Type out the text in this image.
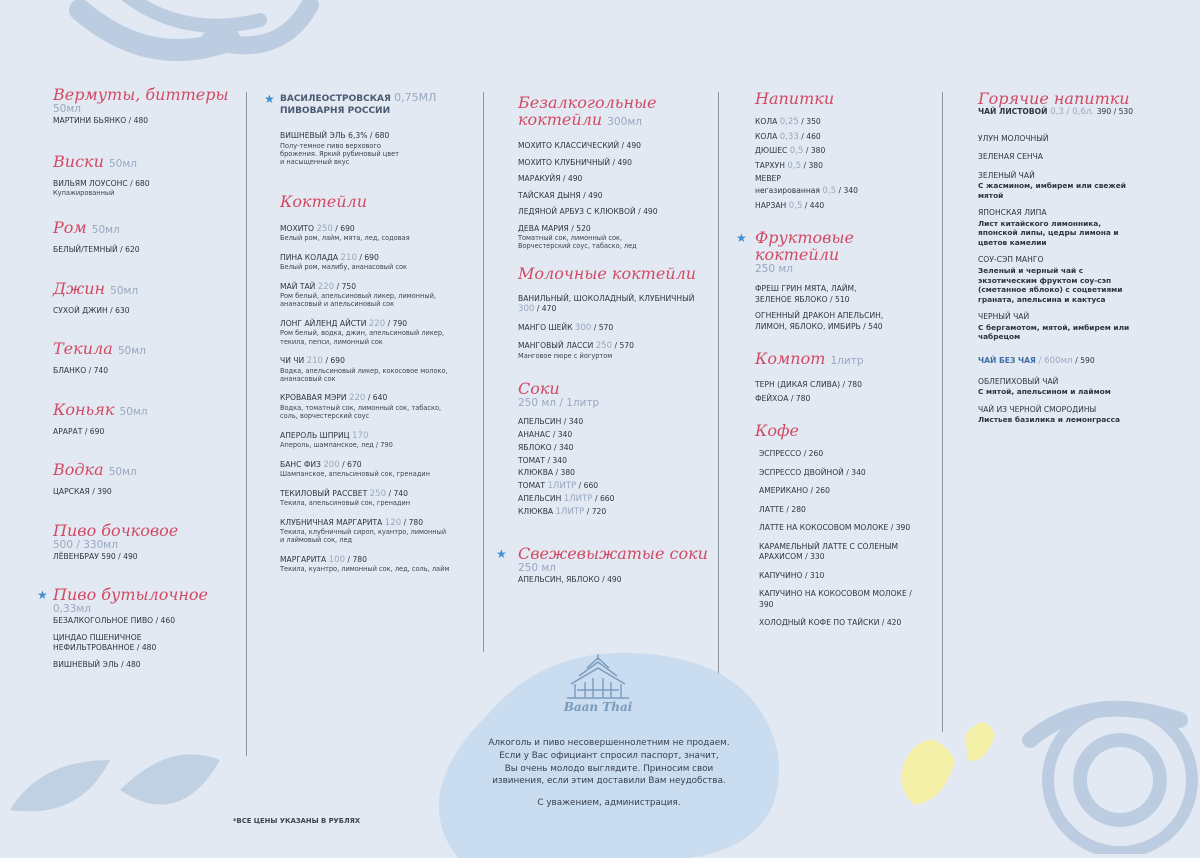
Вермуты, биттеры
50мл
МАРТИНИ БЬЯНКО / 480
Виски 50мл
ВИЛЬЯМ ЛОУСОНС / 680
Купажированный
Ром 50мл
БЕЛЫЙ/ТЕМНЫЙ / 620
Джин 50мл
СУХОЙ ДЖИН / 630
Текила 50мл
БЛАНКО / 740
Коньяк 50мл
АРАРАТ / 690
Водка 50мл
ЦАРСКАЯ / 390
Пиво бочковое
500 / 330мл
ЛЁВЕНБРАУ 590 / 490
★ Пиво бутылочное
0,33мл
БЕЗАЛКОГОЛЬНОЕ ПИВО / 460
ЦИНДАО ПШЕНИЧНОЕ НЕФИЛЬТРОВАННОЕ / 480
ВИШНЕВЫЙ ЭЛЬ / 480
★ ВАСИЛЕОСТРОВСКАЯ 0,75МЛ
ПИВОВАРНЯ РОССИИ
ВИШНЕВЫЙ ЭЛЬ 6,3% / 680
Полу-темное пиво верхового брожения. Яркий рубиновый цвет и насыщенный вкус
Коктейли
МОХИТО 250 / 690
Белый ром, лайм, мята, лед, содовая
ПИНА КОЛАДА 210 / 690
Белый ром, малибу, ананасовый сок
МАЙ ТАЙ 220 / 750
Ром белый, апельсиновый ликер, лимонный, ананасовый и апельсиновый сок
ЛОНГ АЙЛЕНД АЙСТИ 220 / 790
Ром белый, водка, джин, апельсиновый ликер, текила, пепси, лимонный сок
ЧИ ЧИ 210 / 690
Водка, апельсиновый ликер, кокосовое молоко, ананасовый сок
КРОВАВАЯ МЭРИ 220 / 640
Водка, томатный сок, лимонный сок, табаско, соль, ворчестерский соус
АПЕРОЛЬ ШПРИЦ 170
Апероль, шампанское, лед / 790
БАНС ФИЗ 200 / 670
Шампанское, апельсиновый сок, гренадин
ТЕКИЛОВЫЙ РАССВЕТ 250 / 740
Текила, апельсиновый сок, гренадин
КЛУБНИЧНАЯ МАРГАРИТА 120 / 780
Текила, клубничный сироп, куантро, лимонный и лаймовый сок, лед
МАРГАРИТА 100 / 780
Текила, куантро, лимонный сок, лед, соль, лайм
Безалкогольные коктейли 300мл
МОХИТО КЛАССИЧЕСКИЙ / 490
МОХИТО КЛУБНИЧНЫЙ / 490
МАРАКУЙЯ / 490
ТАЙСКАЯ ДЫНЯ / 490
ЛЕДЯНОЙ АРБУЗ С КЛЮКВОЙ / 490
ДЕВА МАРИЯ / 520
Томатный сок, лимонный сок, Ворчестерский соус, табаско, лед
Молочные коктейли
ВАНИЛЬНЫЙ, ШОКОЛАДНЫЙ, КЛУБНИЧНЫЙ 300 / 470
МАНГО ШЕЙК 300 / 570
МАНГОВЫЙ ЛАССИ 250 / 570
Манговое пюре с йогуртом
Соки
250 мл / 1литр
АПЕЛЬСИН / 340
АНАНАС / 340
ЯБЛОКО / 340
ТОМАТ / 340
КЛЮКВА / 380
ТОМАТ 1ЛИТР / 660
АПЕЛЬСИН 1ЛИТР / 660
КЛЮКВА 1ЛИТР / 720
★ Свежевыжатые соки
250 мл
АПЕЛЬСИН, ЯБЛОКО / 490
Напитки
КОЛА 0,25 / 350
КОЛА 0,33 / 460
ДЮШЕС 0,5 / 380
ТАРХУН 0,5 / 380
МЕВЕР
негазированная 0,5 / 340
НАРЗАН 0,5 / 440
★ Фруктовые коктейли
250 мл
ФРЕШ ГРИН МЯТА, ЛАЙМ, ЗЕЛЕНОЕ ЯБЛОКО / 510
ОГНЕННЫЙ ДРАКОН АПЕЛЬСИН, ЛИМОН, ЯБЛОКО, ИМБИРЬ / 540
Компот 1литр
ТЕРН (ДИКАЯ СЛИВА) / 780
ФЕЙХОА / 780
Кофе
ЭСПРЕССО / 260
ЭСПРЕССО ДВОЙНОЙ / 340
АМЕРИКАНО / 260
ЛАТТЕ / 280
ЛАТТЕ НА КОКОСОВОМ МОЛОКЕ / 390
КАРАМЕЛЬНЫЙ ЛАТТЕ С СОЛЕНЫМ АРАХИСОМ / 330
КАПУЧИНО / 310
КАПУЧИНО НА КОКОСОВОМ МОЛОКЕ / 390
ХОЛОДНЫЙ КОФЕ ПО ТАЙСКИ / 420
Горячие напитки
ЧАЙ ЛИСТОВОЙ 0,3 / 0,6л. 390 / 530
УЛУН МОЛОЧНЫЙ
ЗЕЛЕНАЯ СЕНЧА
ЗЕЛЕНЫЙ ЧАЙ
С жасмином, имбирем или свежей мятой
ЯПОНСКАЯ ЛИПА
Лист китайского лимонника, японской липы, цедры лимона и цветов камелии
СОУ-СЭП МАНГО
Зеленый и черный чай с экзотическим фруктом соу-сэп (сметанное яблоко) с соцветиями граната, апельсина и кактуса
ЧЕРНЫЙ ЧАЙ
С бергамотом, мятой, имбирем или чабрецом
ЧАЙ БЕЗ ЧАЯ / 600мл / 590
ОБЛЕПИХОВЫЙ ЧАЙ
С мятой, апельсином и лаймом
ЧАЙ ИЗ ЧЕРНОЙ СМОРОДИНЫ
Листьев базилика и лемонграсса
Baan Thai
Алкоголь и пиво несовершеннолетним не продаем.
Если у Вас официант спросил паспорт, значит,
Вы очень молодо выглядите. Приносим свои
извинения, если этим доставили Вам неудобства.
С уважением, администрация.
*ВСЕ ЦЕНЫ УКАЗАНЫ В РУБЛЯХ
